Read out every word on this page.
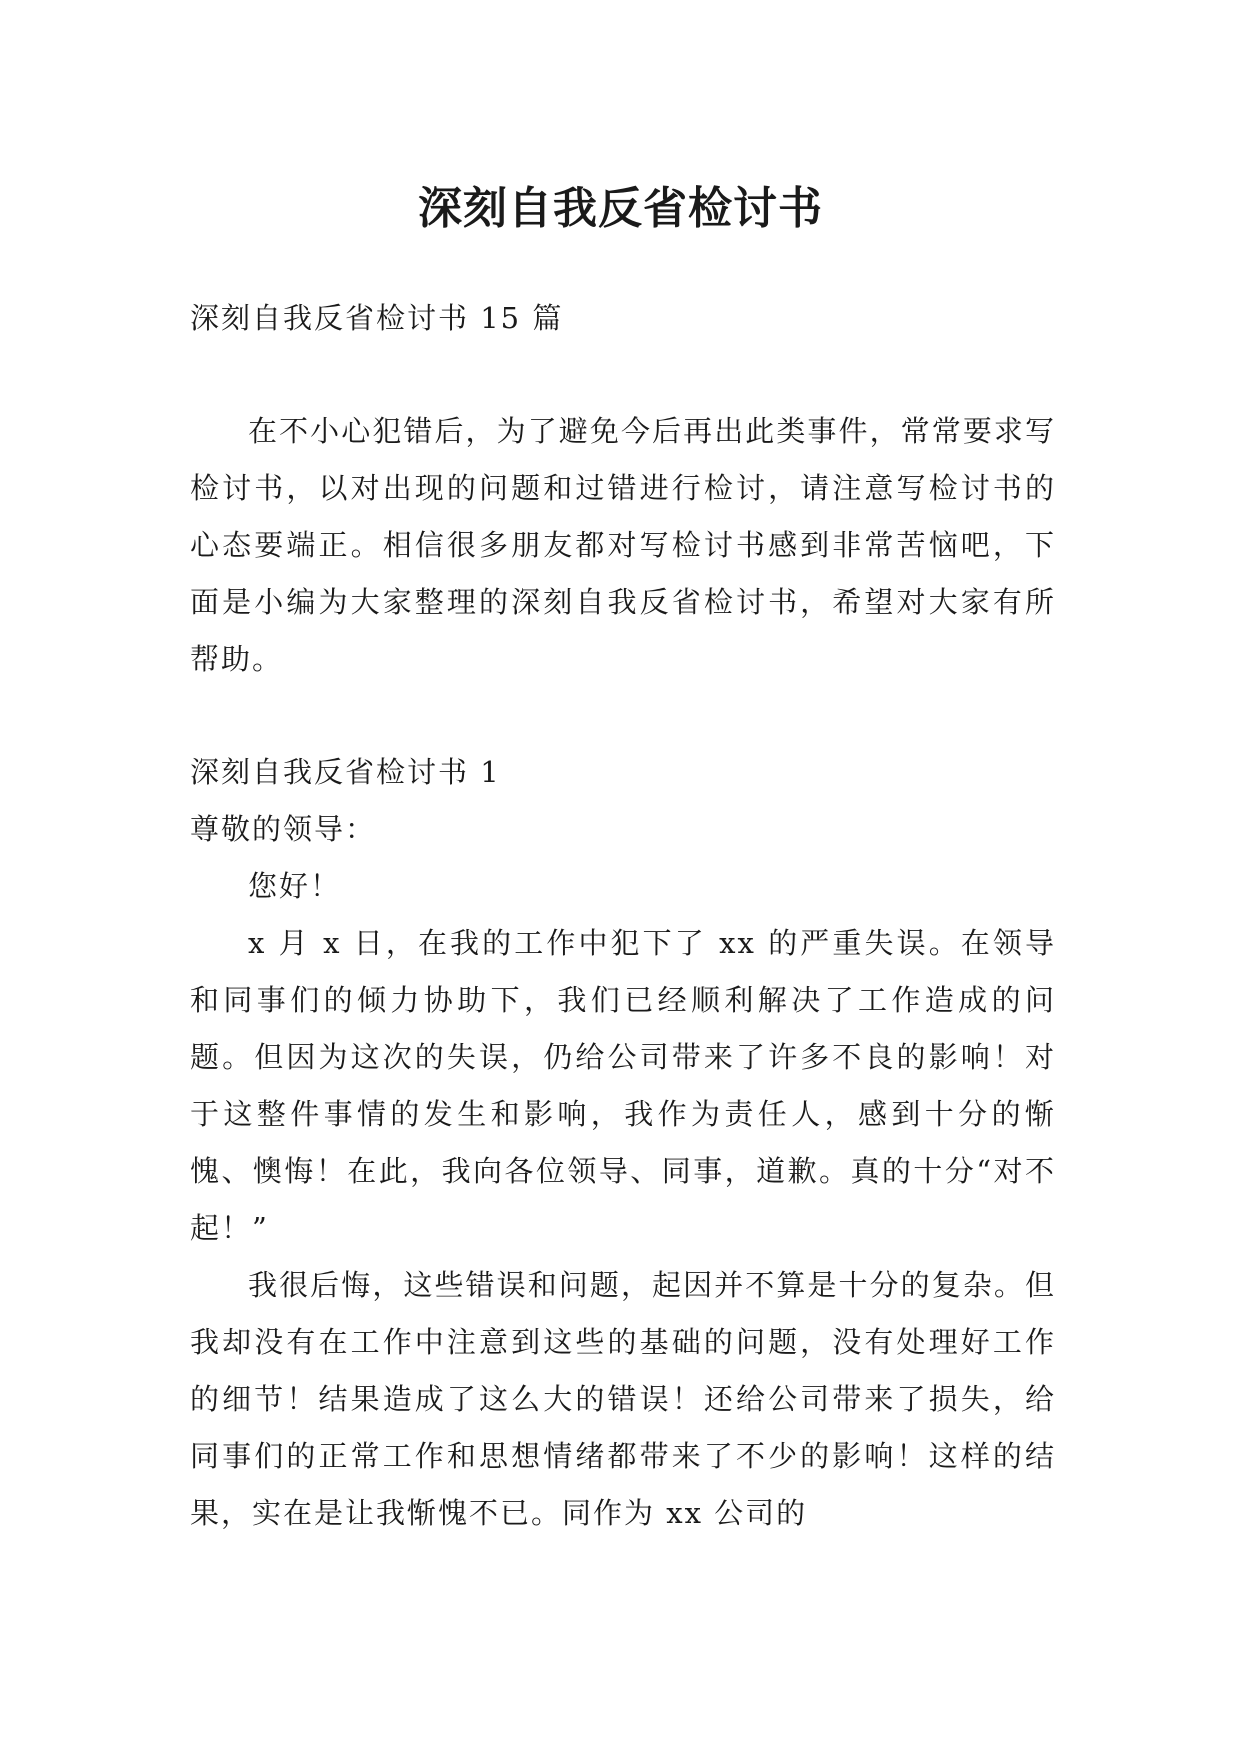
深刻自我反省检讨书

深刻自我反省检讨书 15 篇

在不小心犯错后，为了避免今后再出此类事件，常常要求写检讨书，以对出现的问题和过错进行检讨，请注意写检讨书的心态要端正。相信很多朋友都对写检讨书感到非常苦恼吧，下面是小编为大家整理的深刻自我反省检讨书，希望对大家有所帮助。

深刻自我反省检讨书 1

尊敬的领导：

您好！

x 月 x 日，在我的工作中犯下了 xx 的严重失误。在领导和同事们的倾力协助下，我们已经顺利解决了工作造成的问题。但因为这次的失误，仍给公司带来了许多不良的影响！对于这整件事情的发生和影响，我作为责任人，感到十分的惭愧、懊悔！在此，我向各位领导、同事，道歉。真的十分“对不起！”

我很后悔，这些错误和问题，起因并不算是十分的复杂。但我却没有在工作中注意到这些的基础的问题，没有处理好工作的细节！结果造成了这么大的错误！还给公司带来了损失，给同事们的正常工作和思想情绪都带来了不少的影响！这样的结果，实在是让我惭愧不已。同作为 xx 公司的
